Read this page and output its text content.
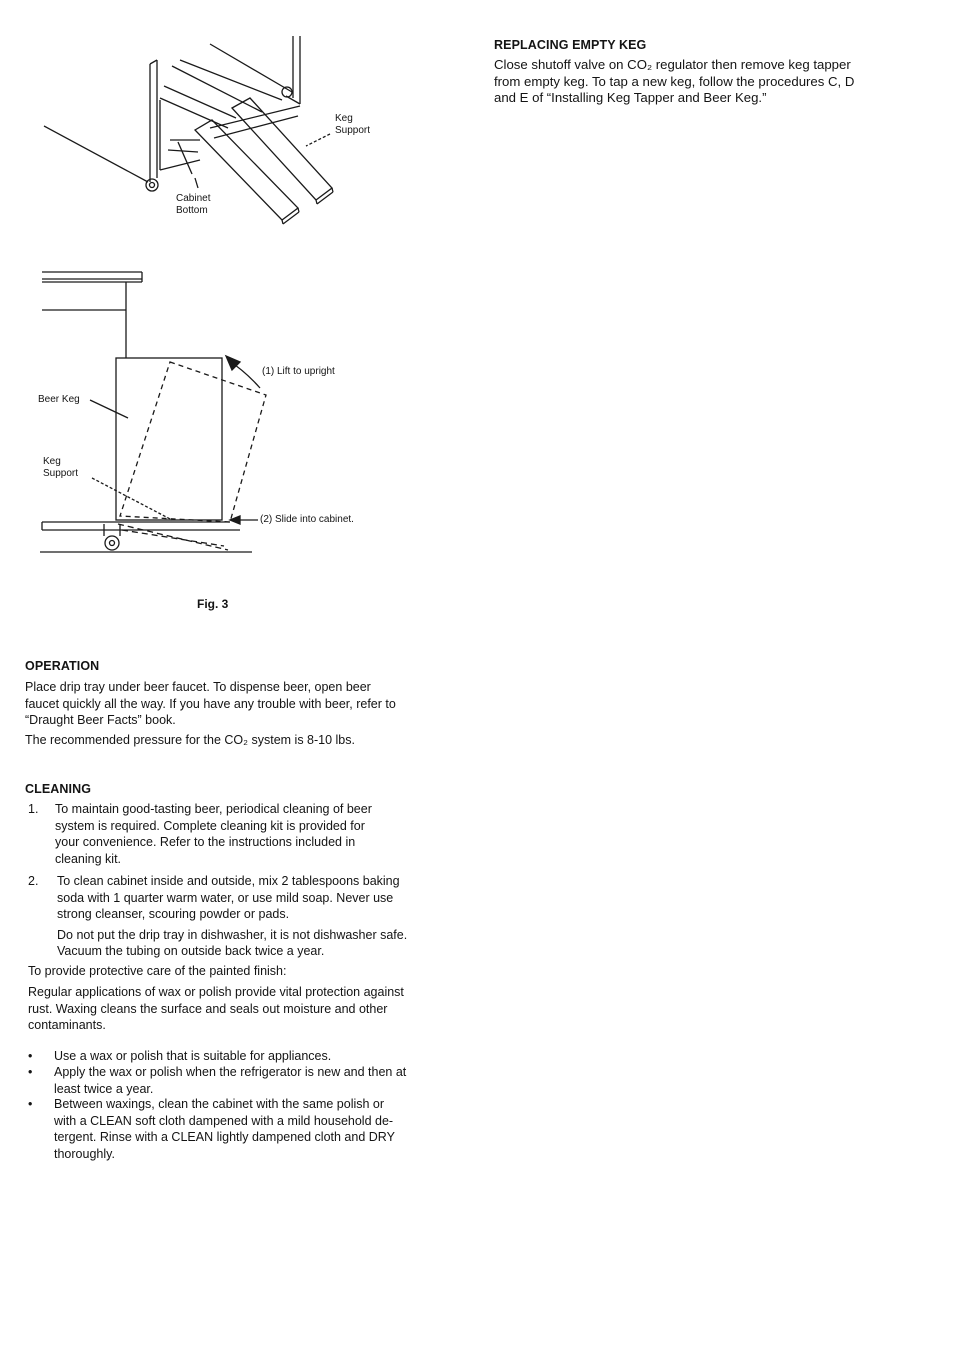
Cabinet
Bottom
Keg
Support
(1) Lift to upright
Beer Keg
Keg
Support
(2) Slide into cabinet.
Fig. 3
REPLACING EMPTY KEG
Close shutoff valve on CO₂ regulator then remove keg tapper
from empty keg. To tap a new keg, follow the procedures C, D
and E of “Installing Keg Tapper and Beer Keg.”
OPERATION
Place drip tray under beer faucet. To dispense beer, open beer
faucet quickly all the way. If you have any trouble with beer, refer to
“Draught Beer Facts” book.
The recommended pressure for the CO₂ system is 8-10 lbs.
CLEANING
1. To maintain good-tasting beer, periodical cleaning of beer
system is required. Complete cleaning kit is provided for
your convenience. Refer to the instructions included in
cleaning kit.
2. To clean cabinet inside and outside, mix 2 tablespoons baking
soda with 1 quarter warm water, or use mild soap. Never use
strong cleanser, scouring powder or pads.
Do not put the drip tray in dishwasher, it is not dishwasher safe.
Vacuum the tubing on outside back twice a year.
To provide protective care of the painted finish:
Regular applications of wax or polish provide vital protection against
rust. Waxing cleans the surface and seals out moisture and other
contaminants.
• Use a wax or polish that is suitable for appliances.
• Apply the wax or polish when the refrigerator is new and then at
least twice a year.
• Between waxings, clean the cabinet with the same polish or
with a CLEAN soft cloth dampened with a mild household de-
tergent. Rinse with a CLEAN lightly dampened cloth and DRY
thoroughly.
